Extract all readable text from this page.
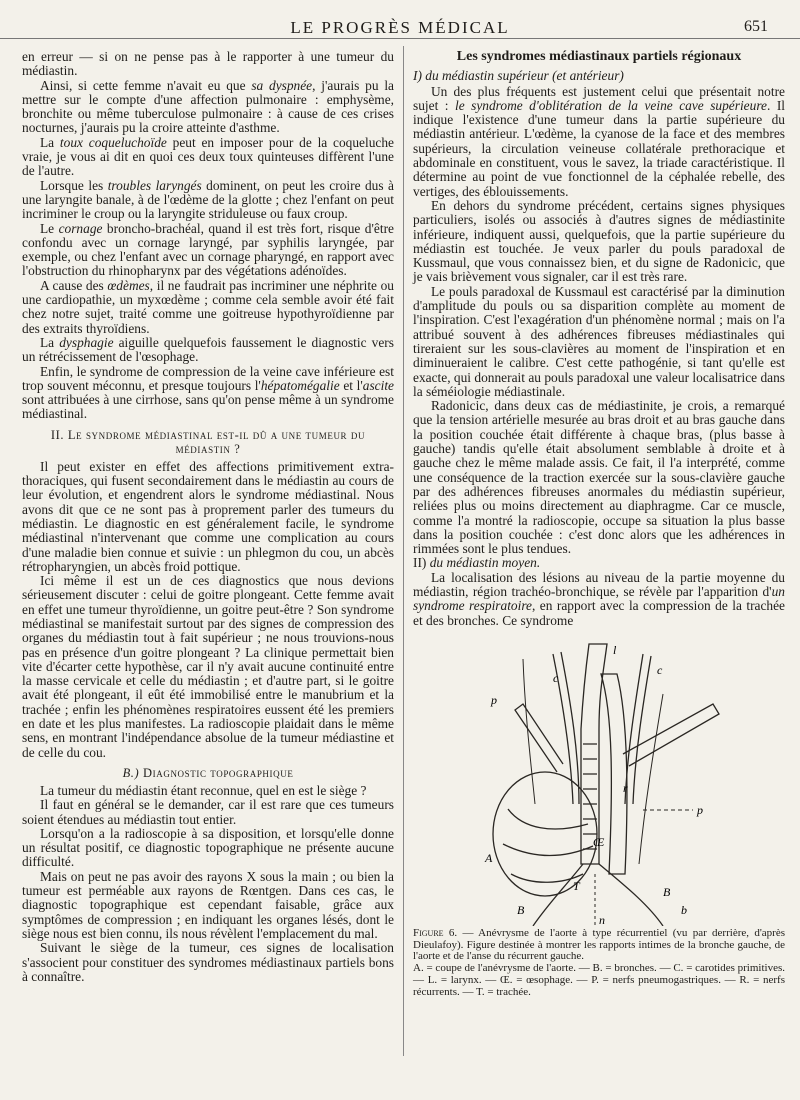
LE PROGRÈS MÉDICAL	651

en erreur — si on ne pense pas à le rapporter à une tumeur du médiastin.

Ainsi, si cette femme n'avait eu que sa dyspnée, j'aurais pu la mettre sur le compte d'une affection pulmonaire : emphysème, bronchite ou même tuberculose pulmonaire : à cause de ces crises nocturnes, j'aurais pu la croire atteinte d'asthme.

La toux coqueluchoïde peut en imposer pour de la coqueluche vraie, je vous ai dit en quoi ces deux toux quinteuses diffèrent l'une de l'autre.

Lorsque les troubles laryngés dominent, on peut les croire dus à une laryngite banale, à de l'œdème de la glotte ; chez l'enfant on peut incriminer le croup ou la laryngite striduleuse ou faux croup.

Le cornage broncho-brachéal, quand il est très fort, risque d'être confondu avec un cornage laryngé, par syphilis laryngée, par exemple, ou chez l'enfant avec un cornage pharyngé, en rapport avec l'obstruction du rhinopharynx par des végétations adénoïdes.

A cause des œdèmes, il ne faudrait pas incriminer une néphrite ou une cardiopathie, un myxœdème ; comme cela semble avoir été fait chez notre sujet, traité comme une goitreuse hypothyroïdienne par des extraits thyroïdiens.

La dysphagie aiguille quelquefois faussement le diagnostic vers un rétrécissement de l'œsophage.

Enfin, le syndrome de compression de la veine cave inférieure est trop souvent méconnu, et presque toujours l'hépatomégalie et l'ascite sont attribuées à une cirrhose, sans qu'on pense même à un syndrome médiastinal.

II. Le syndrome médiastinal est-il dû a une tumeur du médiastin ?

Il peut exister en effet des affections primitivement extra-thoraciques, qui fusent secondairement dans le médiastin au cours de leur évolution, et engendrent alors le syndrome médiastinal. Nous avons dit que ce ne sont pas à proprement parler des tumeurs du médiastin. Le diagnostic en est généralement facile, le syndrome médiastinal n'intervenant que comme une complication au cours d'une maladie bien connue et suivie : un phlegmon du cou, un abcès rétropharyngien, un abcès froid pottique.

Ici même il est un de ces diagnostics que nous devions sérieusement discuter : celui de goitre plongeant. Cette femme avait en effet une tumeur thyroïdienne, un goitre peut-être ? Son syndrome médiastinal se manifestait surtout par des signes de compression des organes du médiastin tout à fait supérieur ; ne nous trouvions-nous pas en présence d'un goitre plongeant ? La clinique permettait bien vite d'écarter cette hypothèse, car il n'y avait aucune continuité entre la masse cervicale et celle du médiastin ; et d'autre part, si le goitre avait été plongeant, il eût été immobilisé entre le manubrium et la trachée ; enfin les phénomènes respiratoires eussent été les premiers en date et les plus manifestes. La radioscopie plaidait dans le même sens, en montrant l'indépendance absolue de la tumeur médiastine et de celle du cou.

B.) Diagnostic topographique

La tumeur du médiastin étant reconnue, quel en est le siège ?

Il faut en général se le demander, car il est rare que ces tumeurs soient étendues au médiastin tout entier.

Lorsqu'on a la radioscopie à sa disposition, et lorsqu'elle donne un résultat positif, ce diagnostic topographique ne présente aucune difficulté.

Mais on peut ne pas avoir des rayons X sous la main ; ou bien la tumeur est perméable aux rayons de Rœntgen. Dans ces cas, le diagnostic topographique est cependant faisable, grâce aux symptômes de compression ; en indiquant les organes lésés, dont le siège nous est bien connu, ils nous révèlent l'emplacement du mal.

Suivant le siège de la tumeur, ces signes de localisation s'associent pour constituer des syndromes médiastinaux partiels bons à connaître.

Les syndromes médiastinaux partiels régionaux

I) du médiastin supérieur (et antérieur)

Un des plus fréquents est justement celui que présentait notre sujet : le syndrome d'oblitération de la veine cave supérieure. Il indique l'existence d'une tumeur dans la partie supérieure du médiastin antérieur. L'œdème, la cyanose de la face et des membres supérieurs, la circulation veineuse collatérale prethoracique et abdominale en constituent, vous le savez, la triade caractéristique. Il détermine au point de vue fonctionnel de la céphalée rebelle, des vertiges, des éblouissements.

En dehors du syndrome précédent, certains signes physiques particuliers, isolés ou associés à d'autres signes de médiastinite inférieure, indiquent aussi, quelquefois, que la partie supérieure du médiastin est touchée. Je veux parler du pouls paradoxal de Kussmaul, que vous connaissez bien, et du signe de Radonicic, que je vais brièvement vous signaler, car il est très rare.

Le pouls paradoxal de Kussmaul est caractérisé par la diminution d'amplitude du pouls ou sa disparition complète au moment de l'inspiration. C'est l'exagération d'un phénomène normal ; mais on l'a attribué souvent à des adhérences fibreuses médiastinales qui tireraient sur les sous-clavières au moment de l'inspiration et en diminueraient le calibre. C'est cette pathogénie, si tant qu'elle est exacte, qui donnerait au pouls paradoxal une valeur localisatrice dans la séméiologie médiastinale.

Radonicic, dans deux cas de médiastinite, je crois, a remarqué que la tension artérielle mesurée au bras droit et au bras gauche dans la position couchée était différente à chaque bras, (plus basse à gauche) tandis qu'elle était absolument semblable à droite et à gauche chez le même malade assis. Ce fait, il l'a interprété, comme une conséquence de la traction exercée sur la sous-clavière gauche par des adhérences fibreuses anormales du médiastin supérieur, reliées plus ou moins directement au diaphragme. Car ce muscle, comme l'a montré la radioscopie, occupe sa situation la plus basse dans la position couchée : c'est donc alors que les adhérences in rimmées sont le plus tendues.

II) du médiastin moyen.

La localisation des lésions au niveau de la partie moyenne du médiastin, région trachéo-bronchique, se révèle par l'apparition d'un syndrome respiratoire, en rapport avec la compression de la trachée et des bronches. Ce syndrome

l
p
c
c
A
Œ
B
r
p
b
B
T
n

Figure 6. — Anévrysme de l'aorte à type récurrentiel (vu par derrière, d'après Dieulafoy). Figure destinée à montrer les rapports intimes de la bronche gauche, de l'aorte et de l'anse du récurrent gauche.

A. = coupe de l'anévrysme de l'aorte. — B. = bronches. — C. = carotides primitives. — L. = larynx. — Œ. = œsophage. — P. = nerfs pneumogastriques. — R. = nerfs récurrents. — T. = trachée.
